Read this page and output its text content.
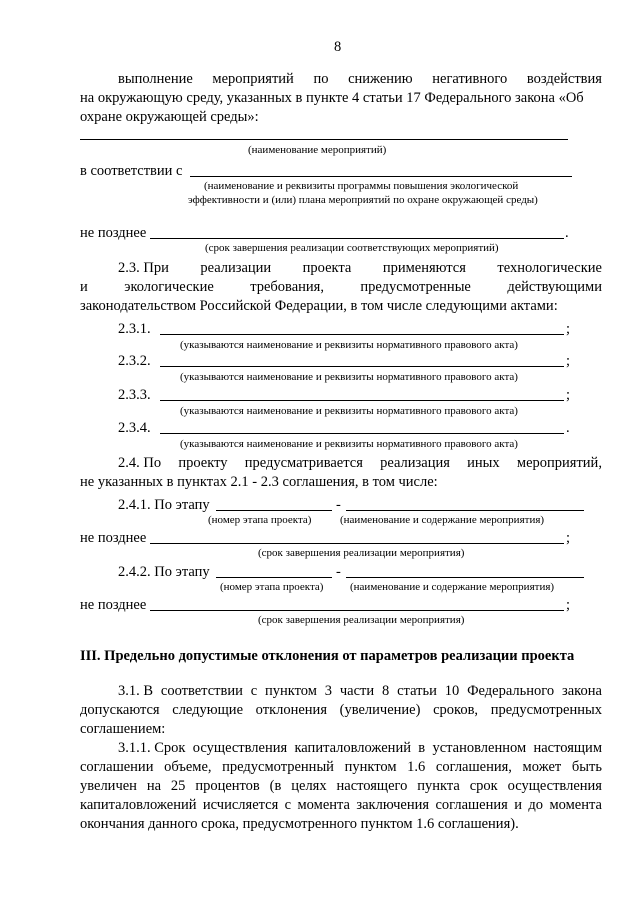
8
выполнение мероприятий по снижению негативного воздействия
на окружающую среду, указанных в пункте 4 статьи 17 Федерального закона «Об
охране окружающей среды»:
(наименование мероприятий)
в соответствии с
(наименование и реквизиты программы повышения экологической
эффективности и (или) плана мероприятий по охране окружающей среды)
не позднее	.
(срок завершения реализации соответствующих мероприятий)
2.3. При реализации проекта применяются технологические
и	экологические	требования,	предусмотренные	действующими
законодательством Российской Федерации, в том числе следующими актами:
2.3.1.	;
(указываются наименование и реквизиты нормативного правового акта)
2.3.2.	;
(указываются наименование и реквизиты нормативного правового акта)
2.3.3.	;
(указываются наименование и реквизиты нормативного правового акта)
2.3.4.	.
(указываются наименование и реквизиты нормативного правового акта)
2.4. По проекту предусматривается реализация иных мероприятий,
не указанных в пунктах 2.1 - 2.3 соглашения, в том числе:
2.4.1. По этапу	-
(номер этапа проекта)	(наименование и содержание мероприятия)
не позднее	;
(срок завершения реализации мероприятия)
2.4.2. По этапу	-
(номер этапа проекта) (наименование и содержание мероприятия)
не позднее	;
(срок завершения реализации мероприятия)
III. Предельно допустимые отклонения от параметров реализации проекта
3.1. В соответствии с пунктом 3 части 8 статьи 10 Федерального закона
допускаются следующие отклонения (увеличение) сроков, предусмотренных
соглашением:
3.1.1. Срок осуществления капиталовложений в установленном настоящим
соглашении объеме, предусмотренный пунктом 1.6 соглашения, может быть
увеличен на 25 процентов (в целях настоящего пункта срок осуществления
капиталовложений исчисляется с момента заключения соглашения и до момента
окончания данного срока, предусмотренного пунктом 1.6 соглашения).
